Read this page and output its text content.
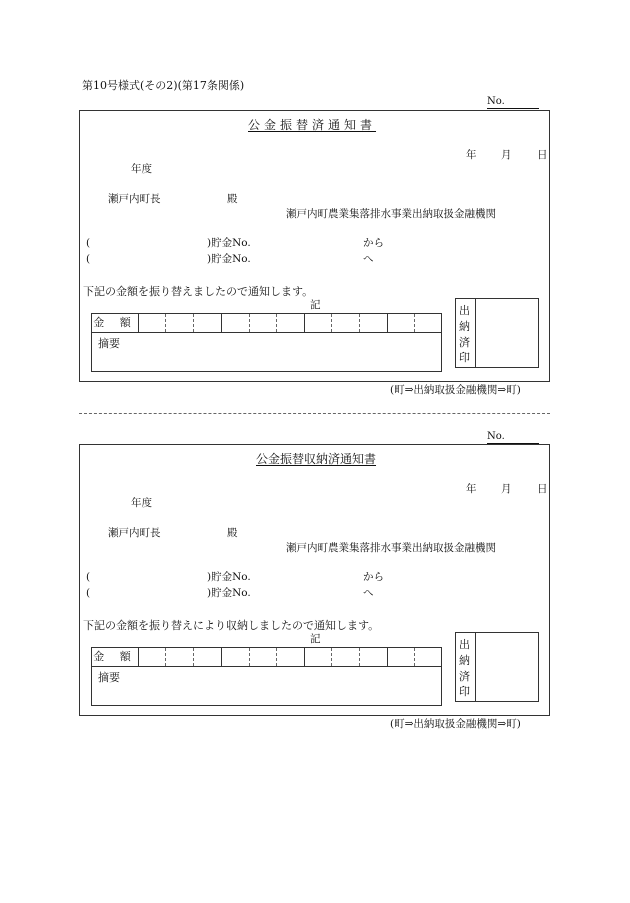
第10号様式(その2)(第17条関係)
No.
公金振替済通知書
年 月 日
年度
瀬戸内町長	殿
瀬戸内町農業集落排水事業出納取扱金融機関
(	)貯金No.	から
(	)貯金No.	へ
下記の金額を振り替えましたので通知します。
記
金 額
摘要
出
納
済
印
(町⇒出納取扱金融機関⇒町)
No.
公金振替収納済通知書
年 月 日
年度
瀬戸内町長	殿
瀬戸内町農業集落排水事業出納取扱金融機関
(	)貯金No.	から
(	)貯金No.	へ
下記の金額を振り替えにより収納しましたので通知します。
記
金 額
摘要
出
納
済
印
(町⇒出納取扱金融機関⇒町)
